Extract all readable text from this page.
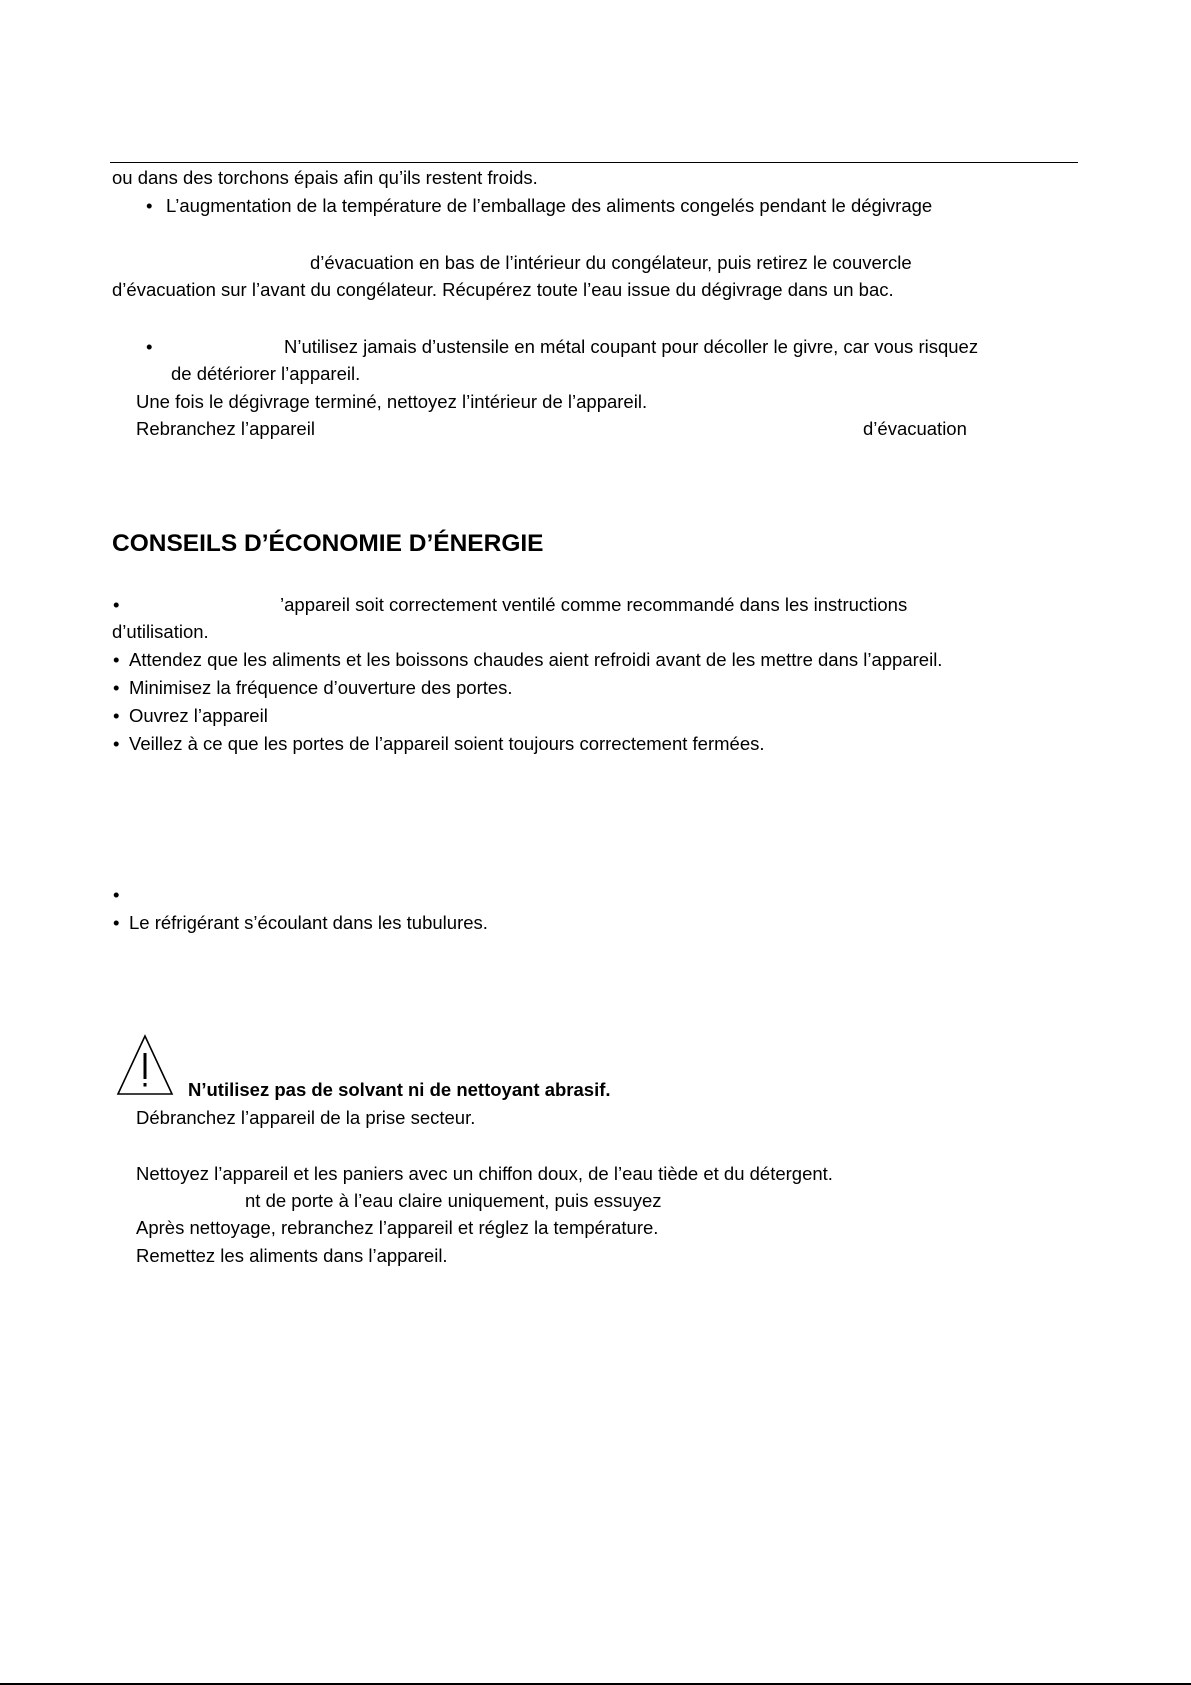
ou dans des torchons épais afin qu’ils restent froids.
• L’augmentation de la température de l’emballage des aliments congelés pendant le dégivrage
d’évacuation en bas de l’intérieur du congélateur, puis retirez le couvercle
d’évacuation sur l’avant du congélateur. Récupérez toute l’eau issue du dégivrage dans un bac.
•	N’utilisez jamais d’ustensile en métal coupant pour décoller le givre, car vous risquez
de détériorer l’appareil.
Une fois le dégivrage terminé, nettoyez l’intérieur de l’appareil.
Rebranchez l’appareil	d’évacuation
CONSEILS D’ÉCONOMIE D’ÉNERGIE
•	’appareil soit correctement ventilé comme recommandé dans les instructions
d’utilisation.
• Attendez que les aliments et les boissons chaudes aient refroidi avant de les mettre dans l’appareil.
• Minimisez la fréquence d’ouverture des portes.
• Ouvrez l’appareil
• Veillez à ce que les portes de l’appareil soient toujours correctement fermées.
•
• Le réfrigérant s’écoulant dans les tubulures.
N’utilisez pas de solvant ni de nettoyant abrasif.
Débranchez l’appareil de la prise secteur.
Nettoyez l’appareil et les paniers avec un chiffon doux, de l’eau tiède et du détergent.
nt de porte à l’eau claire uniquement, puis essuyez
Après nettoyage, rebranchez l’appareil et réglez la température.
Remettez les aliments dans l’appareil.
